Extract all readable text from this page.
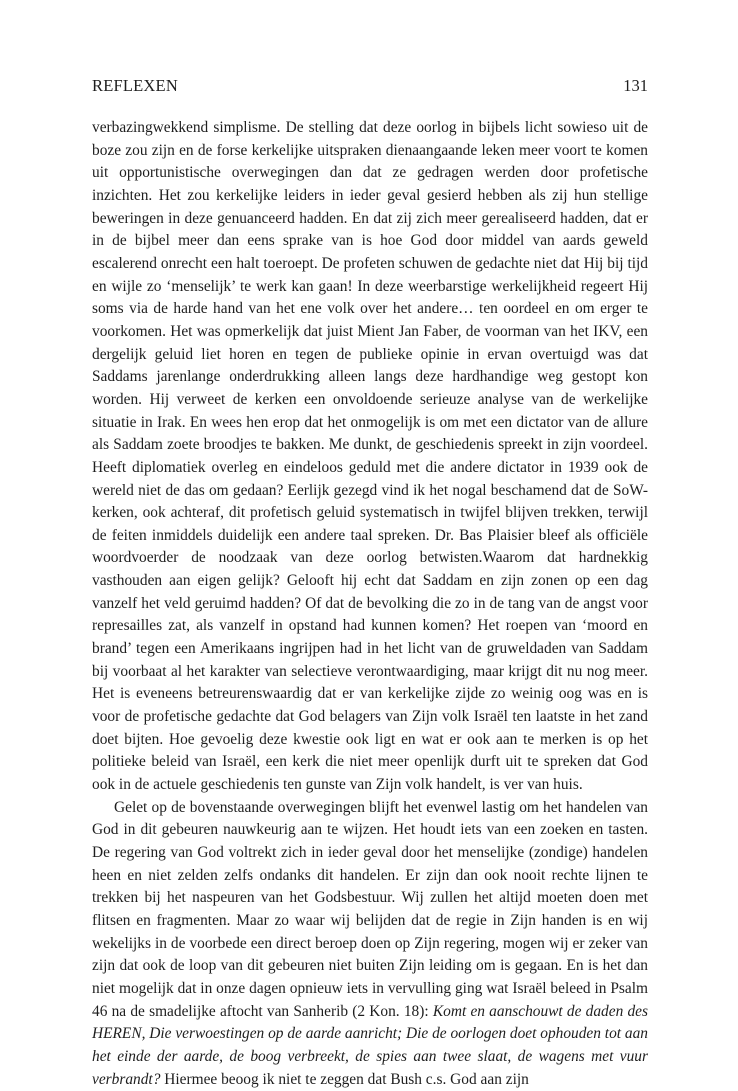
REFLEXEN	131

verbazingwekkend simplisme. De stelling dat deze oorlog in bijbels licht sowieso uit de boze zou zijn en de forse kerkelijke uitspraken dienaangaande leken meer voort te komen uit opportunistische overwegingen dan dat ze gedragen werden door profetische inzichten. Het zou kerkelijke leiders in ieder geval gesierd hebben als zij hun stellige beweringen in deze genuanceerd hadden. En dat zij zich meer gerealiseerd hadden, dat er in de bijbel meer dan eens sprake van is hoe God door middel van aards geweld escalerend onrecht een halt toeroept. De profeten schuwen de gedachte niet dat Hij bij tijd en wijle zo ‘menselijk’ te werk kan gaan! In deze weerbarstige werkelijkheid regeert Hij soms via de harde hand van het ene volk over het andere… ten oordeel en om erger te voorkomen. Het was opmerkelijk dat juist Mient Jan Faber, de voorman van het IKV, een dergelijk geluid liet horen en tegen de publieke opinie in ervan overtuigd was dat Saddams jarenlange onderdrukking alleen langs deze hardhandige weg gestopt kon worden. Hij verweet de kerken een onvoldoende serieuze analyse van de werkelijke situatie in Irak. En wees hen erop dat het onmogelijk is om met een dictator van de allure als Saddam zoete broodjes te bakken. Me dunkt, de geschiedenis spreekt in zijn voordeel. Heeft diplomatiek overleg en eindeloos geduld met die andere dictator in 1939 ook de wereld niet de das om gedaan? Eerlijk gezegd vind ik het nogal beschamend dat de SoW-kerken, ook achteraf, dit profetisch geluid systematisch in twijfel blijven trekken, terwijl de feiten inmiddels duidelijk een andere taal spreken. Dr. Bas Plaisier bleef als officiële woordvoerder de noodzaak van deze oorlog betwisten.Waarom dat hardnekkig vasthouden aan eigen gelijk? Gelooft hij echt dat Saddam en zijn zonen op een dag vanzelf het veld geruimd hadden? Of dat de bevolking die zo in de tang van de angst voor represailles zat, als vanzelf in opstand had kunnen komen? Het roepen van ‘moord en brand’ tegen een Amerikaans ingrijpen had in het licht van de gruweldaden van Saddam bij voorbaat al het karakter van selectieve verontwaardiging, maar krijgt dit nu nog meer. Het is eveneens betreurenswaardig dat er van kerkelijke zijde zo weinig oog was en is voor de profetische gedachte dat God belagers van Zijn volk Israël ten laatste in het zand doet bijten. Hoe gevoelig deze kwestie ook ligt en wat er ook aan te merken is op het politieke beleid van Israël, een kerk die niet meer openlijk durft uit te spreken dat God ook in de actuele geschiedenis ten gunste van Zijn volk handelt, is ver van huis.

Gelet op de bovenstaande overwegingen blijft het evenwel lastig om het handelen van God in dit gebeuren nauwkeurig aan te wijzen. Het houdt iets van een zoeken en tasten. De regering van God voltrekt zich in ieder geval door het menselijke (zondige) handelen heen en niet zelden zelfs ondanks dit handelen. Er zijn dan ook nooit rechte lijnen te trekken bij het naspeuren van het Godsbestuur. Wij zullen het altijd moeten doen met flitsen en fragmenten. Maar zo waar wij belijden dat de regie in Zijn handen is en wij wekelijks in de voorbede een direct beroep doen op Zijn regering, mogen wij er zeker van zijn dat ook de loop van dit gebeuren niet buiten Zijn leiding om is gegaan. En is het dan niet mogelijk dat in onze dagen opnieuw iets in vervulling ging wat Israël beleed in Psalm 46 na de smadelijke aftocht van Sanherib (2 Kon. 18): Komt en aanschouwt de daden des HEREN, Die verwoestingen op de aarde aanricht; Die de oorlogen doet ophouden tot aan het einde der aarde, de boog verbreekt, de spies aan twee slaat, de wagens met vuur verbrandt? Hiermee beoog ik niet te zeggen dat Bush c.s. God aan zijn
